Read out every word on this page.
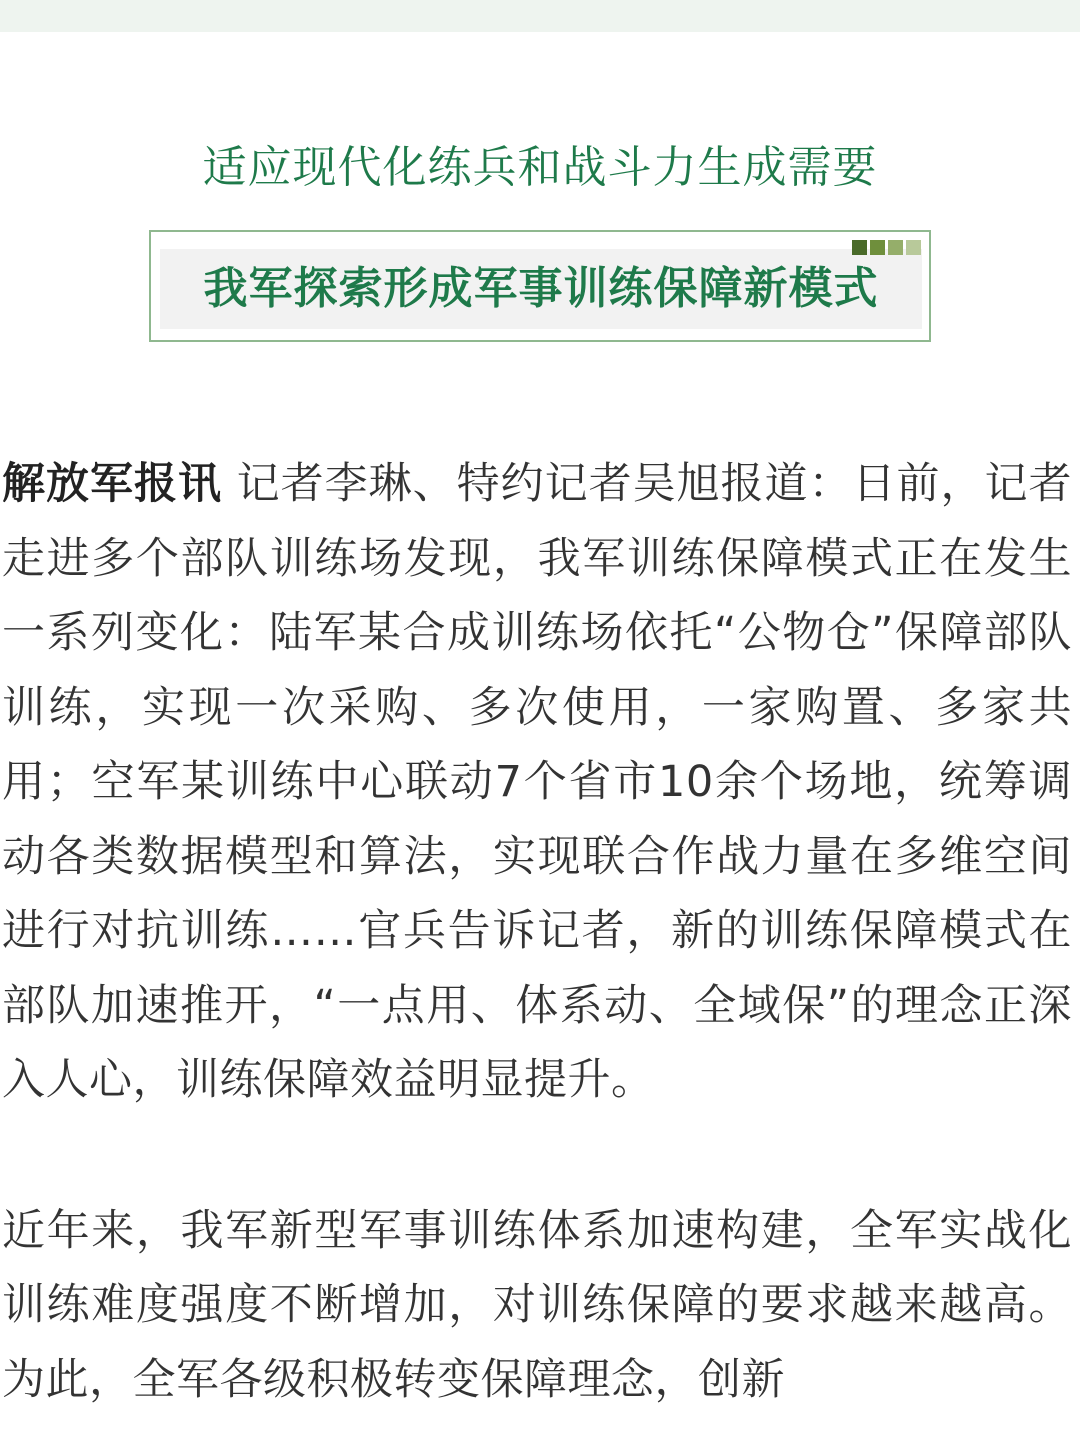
适应现代化练兵和战斗力生成需要
我军探索形成军事训练保障新模式

解放军报讯 记者李琳、特约记者吴旭报道：日前，记者走进多个部队训练场发现，我军训练保障模式正在发生一系列变化：陆军某合成训练场依托“公物仓”保障部队训练，实现一次采购、多次使用，一家购置、多家共用；空军某训练中心联动7个省市10余个场地，统筹调动各类数据模型和算法，实现联合作战力量在多维空间进行对抗训练……官兵告诉记者，新的训练保障模式在部队加速推开，“一点用、体系动、全域保”的理念正深入人心，训练保障效益明显提升。

近年来，我军新型军事训练体系加速构建，全军实战化训练难度强度不断增加，对训练保障的要求越来越高。为此，全军各级积极转变保障理念，创新
